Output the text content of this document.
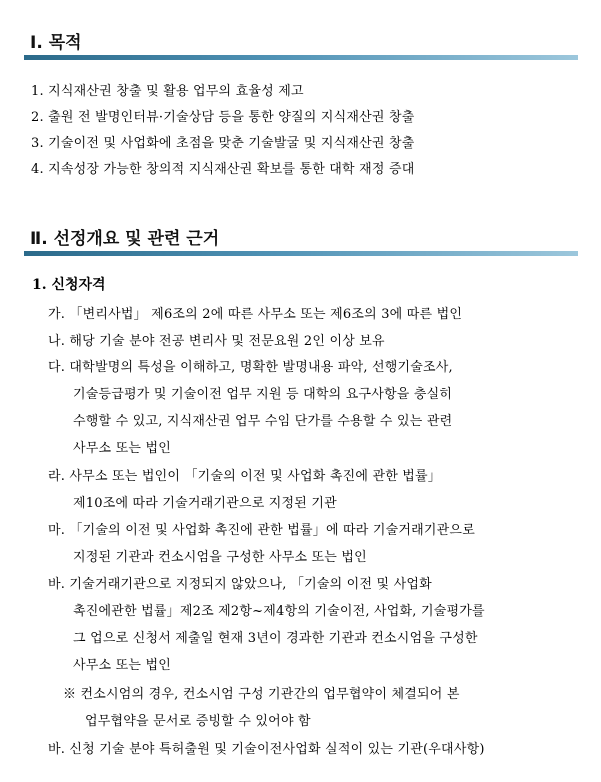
Ⅰ. 목적
1. 지식재산권 창출 및 활용 업무의 효율성 제고
2. 출원 전 발명인터뷰·기술상담 등을 통한 양질의 지식재산권 창출
3. 기술이전 및 사업화에 초점을 맞춘 기술발굴 및 지식재산권 창출
4. 지속성장 가능한 창의적 지식재산권 확보를 통한 대학 재정 증대
Ⅱ. 선정개요 및 관련 근거
1. 신청자격
가. 「변리사법」 제6조의 2에 따른 사무소 또는 제6조의 3에 따른 법인
나. 해당 기술 분야 전공 변리사 및 전문요원 2인 이상 보유
다. 대학발명의 특성을 이해하고, 명확한 발명내용 파악, 선행기술조사,
기술등급평가 및 기술이전 업무 지원 등 대학의 요구사항을 충실히
수행할 수 있고, 지식재산권 업무 수임 단가를 수용할 수 있는 관련
사무소 또는 법인
라. 사무소 또는 법인이 「기술의 이전 및 사업화 촉진에 관한 법률」
제10조에 따라 기술거래기관으로 지정된 기관
마. 「기술의 이전 및 사업화 촉진에 관한 법률」에 따라 기술거래기관으로
지정된 기관과 컨소시엄을 구성한 사무소 또는 법인
바. 기술거래기관으로 지정되지 않았으나, 「기술의 이전 및 사업화
촉진에관한 법률」제2조 제2항~제4항의 기술이전, 사업화, 기술평가를
그 업으로 신청서 제출일 현재 3년이 경과한 기관과 컨소시엄을 구성한
사무소 또는 법인
※ 컨소시엄의 경우, 컨소시엄 구성 기관간의 업무협약이 체결되어 본
업무협약을 문서로 증빙할 수 있어야 함
바. 신청 기술 분야 특허출원 및 기술이전사업화 실적이 있는 기관(우대사항)
